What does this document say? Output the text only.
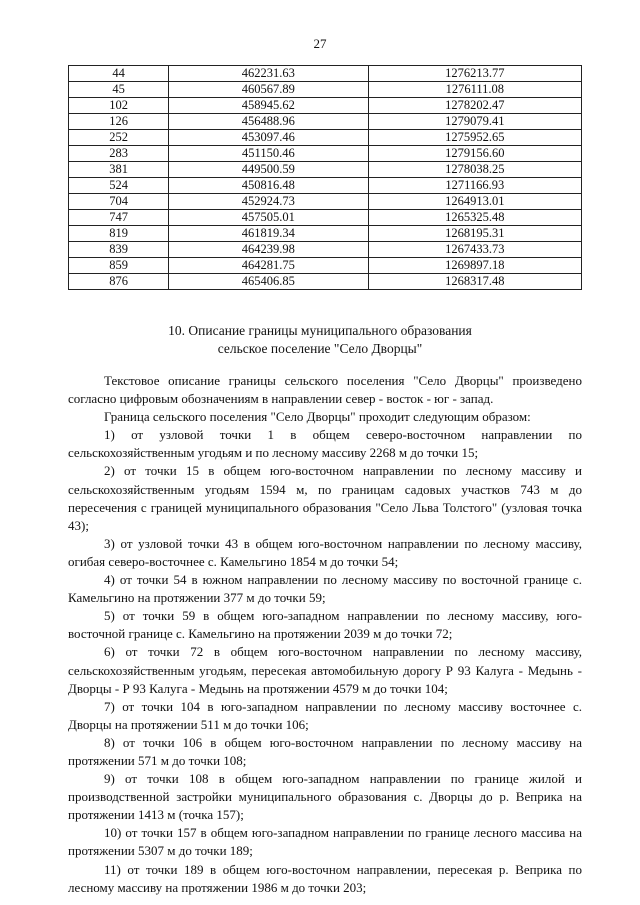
27
44	462231.63	1276213.77
45	460567.89	1276111.08
102	458945.62	1278202.47
126	456488.96	1279079.41
252	453097.46	1275952.65
283	451150.46	1279156.60
381	449500.59	1278038.25
524	450816.48	1271166.93
704	452924.73	1264913.01
747	457505.01	1265325.48
819	461819.34	1268195.31
839	464239.98	1267433.73
859	464281.75	1269897.18
876	465406.85	1268317.48
10. Описание границы муниципального образования
сельское поселение "Село Дворцы"

Текстовое описание границы сельского поселения "Село Дворцы" произведено согласно цифровым обозначениям в направлении север - восток - юг - запад.

Граница сельского поселения "Село Дворцы" проходит следующим образом:

1) от узловой точки 1 в общем северо-восточном направлении по сельскохозяйственным угодьям и по лесному массиву 2268 м до точки 15;

2) от точки 15 в общем юго-восточном направлении по лесному массиву и сельскохозяйственным угодьям 1594 м, по границам садовых участков 743 м до пересечения с границей муниципального образования "Село Льва Толстого" (узловая точка 43);

3) от узловой точки 43 в общем юго-восточном направлении по лесному массиву, огибая северо-восточнее с. Камельгино 1854 м до точки 54;

4) от точки 54 в южном направлении по лесному массиву по восточной границе с. Камельгино на протяжении 377 м до точки 59;

5) от точки 59 в общем юго-западном направлении по лесному массиву, юго-восточной границе с. Камельгино на протяжении 2039 м до точки 72;

6) от точки 72 в общем юго-восточном направлении по лесному массиву, сельскохозяйственным угодьям, пересекая автомобильную дорогу Р 93 Калуга - Медынь - Дворцы - Р 93 Калуга - Медынь на протяжении 4579 м до точки 104;

7) от точки 104 в юго-западном направлении по лесному массиву восточнее с. Дворцы на протяжении 511 м до точки 106;

8) от точки 106 в общем юго-восточном направлении по лесному массиву на протяжении 571 м до точки 108;

9) от точки 108 в общем юго-западном направлении по границе жилой и производственной застройки муниципального образования с. Дворцы до р. Веприка на протяжении 1413 м (точка 157);

10) от точки 157 в общем юго-западном направлении по границе лесного массива на протяжении 5307 м до точки 189;

11) от точки 189 в общем юго-восточном направлении, пересекая р. Веприка по лесному массиву на протяжении 1986 м до точки 203;
